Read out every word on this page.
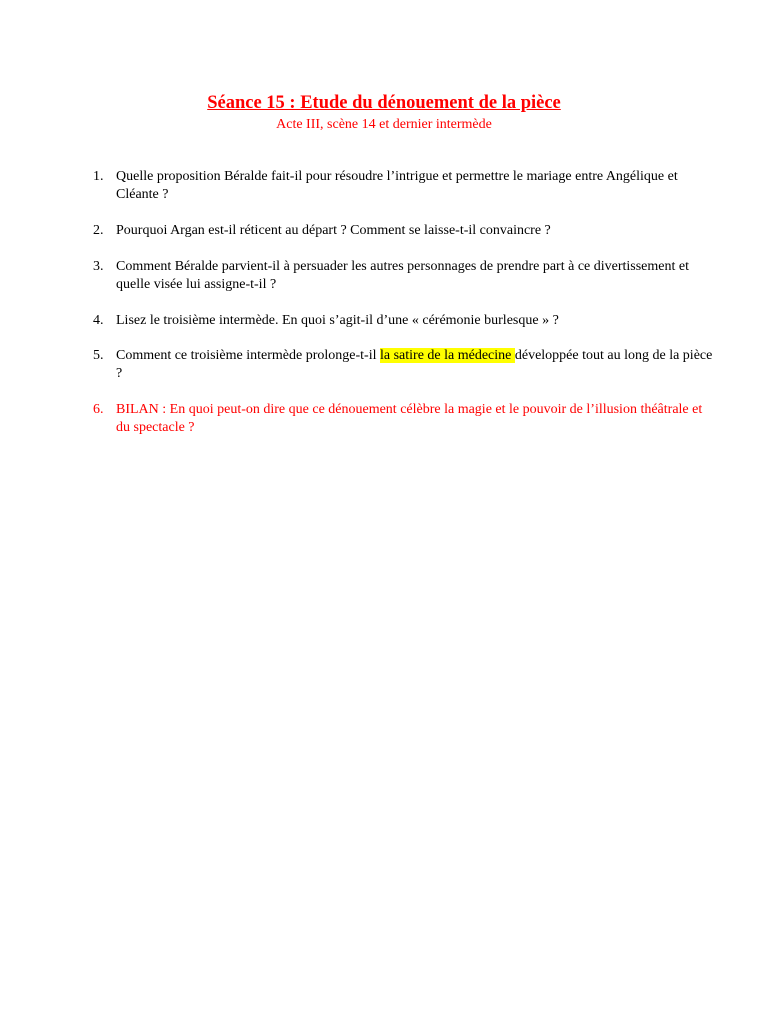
Séance 15 : Etude du dénouement de la pièce
Acte III, scène 14 et dernier intermède
1. Quelle proposition Béralde fait-il pour résoudre l’intrigue et permettre le mariage entre Angélique et Cléante ?
2. Pourquoi Argan est-il réticent au départ ? Comment se laisse-t-il convaincre ?
3. Comment Béralde parvient-il à persuader les autres personnages de prendre part à ce divertissement et quelle visée lui assigne-t-il ?
4. Lisez le troisième intermède. En quoi s’agit-il d’une « cérémonie burlesque » ?
5. Comment ce troisième intermède prolonge-t-il la satire de la médecine développée tout au long de la pièce ?
6. BILAN : En quoi peut-on dire que ce dénouement célèbre la magie et le pouvoir de l’illusion théâtrale et du spectacle ?
